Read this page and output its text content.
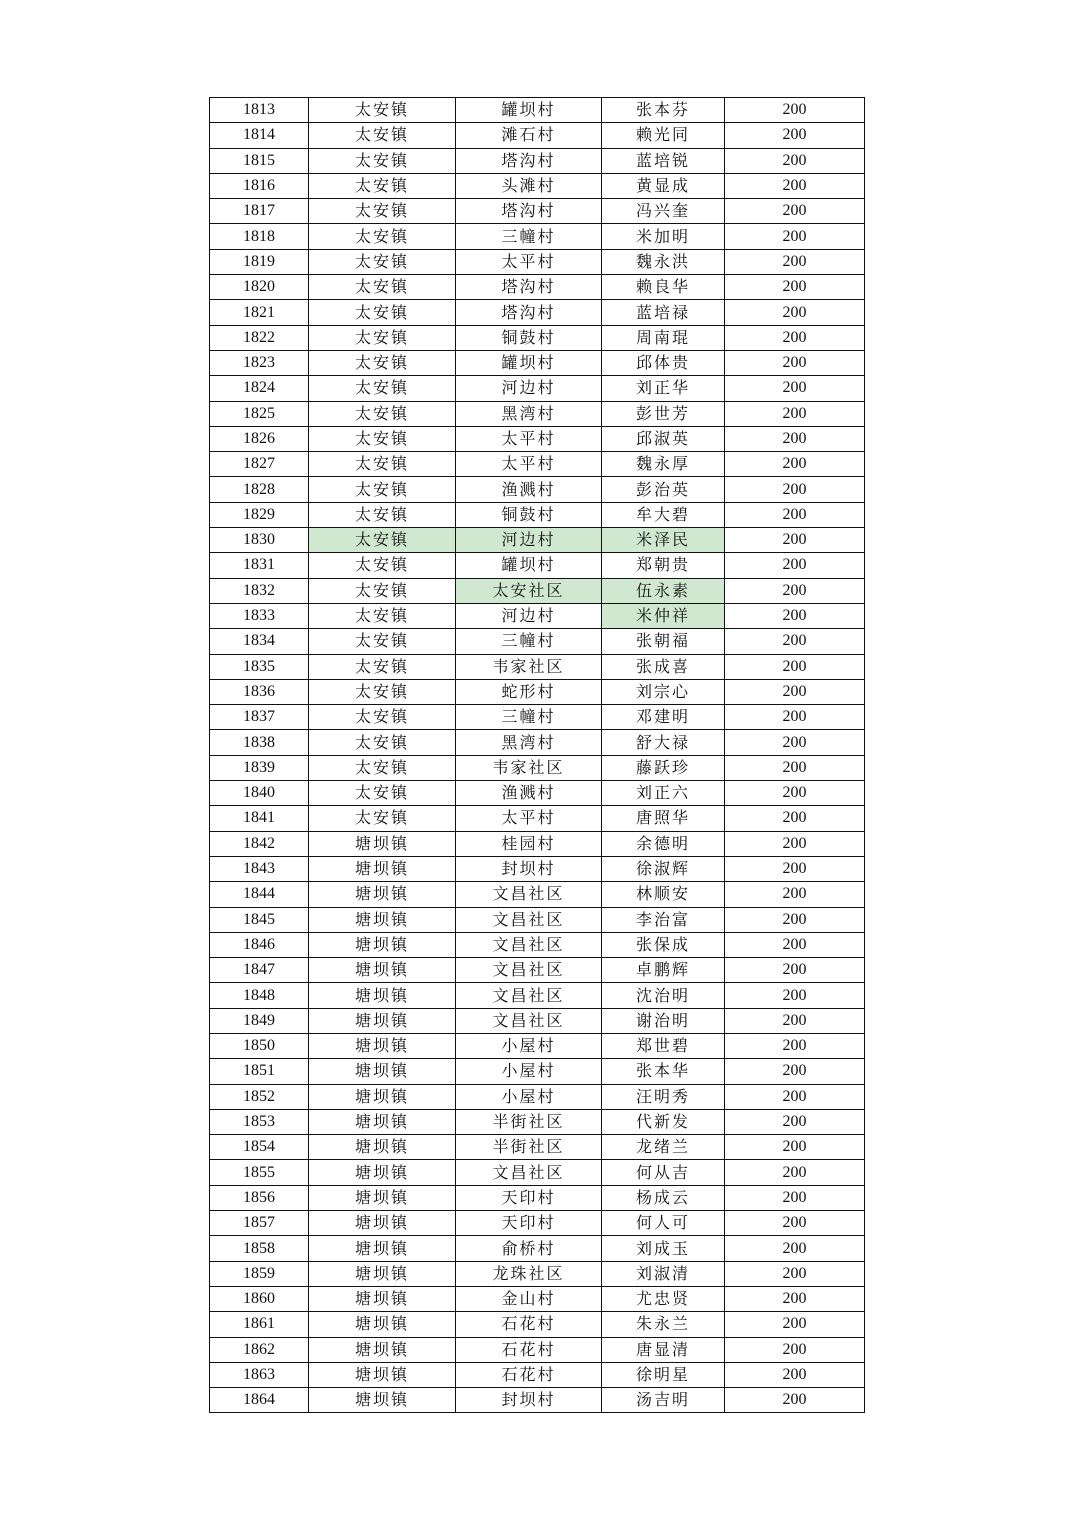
1813	太安镇	罐坝村	张本芬	200
1814	太安镇	滩石村	赖光同	200
1815	太安镇	塔沟村	蓝培锐	200
1816	太安镇	头滩村	黄显成	200
1817	太安镇	塔沟村	冯兴奎	200
1818	太安镇	三幢村	米加明	200
1819	太安镇	太平村	魏永洪	200
1820	太安镇	塔沟村	赖良华	200
1821	太安镇	塔沟村	蓝培禄	200
1822	太安镇	铜鼓村	周南琨	200
1823	太安镇	罐坝村	邱体贵	200
1824	太安镇	河边村	刘正华	200
1825	太安镇	黑湾村	彭世芳	200
1826	太安镇	太平村	邱淑英	200
1827	太安镇	太平村	魏永厚	200
1828	太安镇	渔溅村	彭治英	200
1829	太安镇	铜鼓村	牟大碧	200
1830	太安镇	河边村	米泽民	200
1831	太安镇	罐坝村	郑朝贵	200
1832	太安镇	太安社区	伍永素	200
1833	太安镇	河边村	米仲祥	200
1834	太安镇	三幢村	张朝福	200
1835	太安镇	韦家社区	张成喜	200
1836	太安镇	蛇形村	刘宗心	200
1837	太安镇	三幢村	邓建明	200
1838	太安镇	黑湾村	舒大禄	200
1839	太安镇	韦家社区	藤跃珍	200
1840	太安镇	渔溅村	刘正六	200
1841	太安镇	太平村	唐照华	200
1842	塘坝镇	桂园村	余德明	200
1843	塘坝镇	封坝村	徐淑辉	200
1844	塘坝镇	文昌社区	林顺安	200
1845	塘坝镇	文昌社区	李治富	200
1846	塘坝镇	文昌社区	张保成	200
1847	塘坝镇	文昌社区	卓鹏辉	200
1848	塘坝镇	文昌社区	沈治明	200
1849	塘坝镇	文昌社区	谢治明	200
1850	塘坝镇	小屋村	郑世碧	200
1851	塘坝镇	小屋村	张本华	200
1852	塘坝镇	小屋村	汪明秀	200
1853	塘坝镇	半街社区	代新发	200
1854	塘坝镇	半街社区	龙绪兰	200
1855	塘坝镇	文昌社区	何从吉	200
1856	塘坝镇	天印村	杨成云	200
1857	塘坝镇	天印村	何人可	200
1858	塘坝镇	俞桥村	刘成玉	200
1859	塘坝镇	龙珠社区	刘淑清	200
1860	塘坝镇	金山村	尤忠贤	200
1861	塘坝镇	石花村	朱永兰	200
1862	塘坝镇	石花村	唐显清	200
1863	塘坝镇	石花村	徐明星	200
1864	塘坝镇	封坝村	汤吉明	200
